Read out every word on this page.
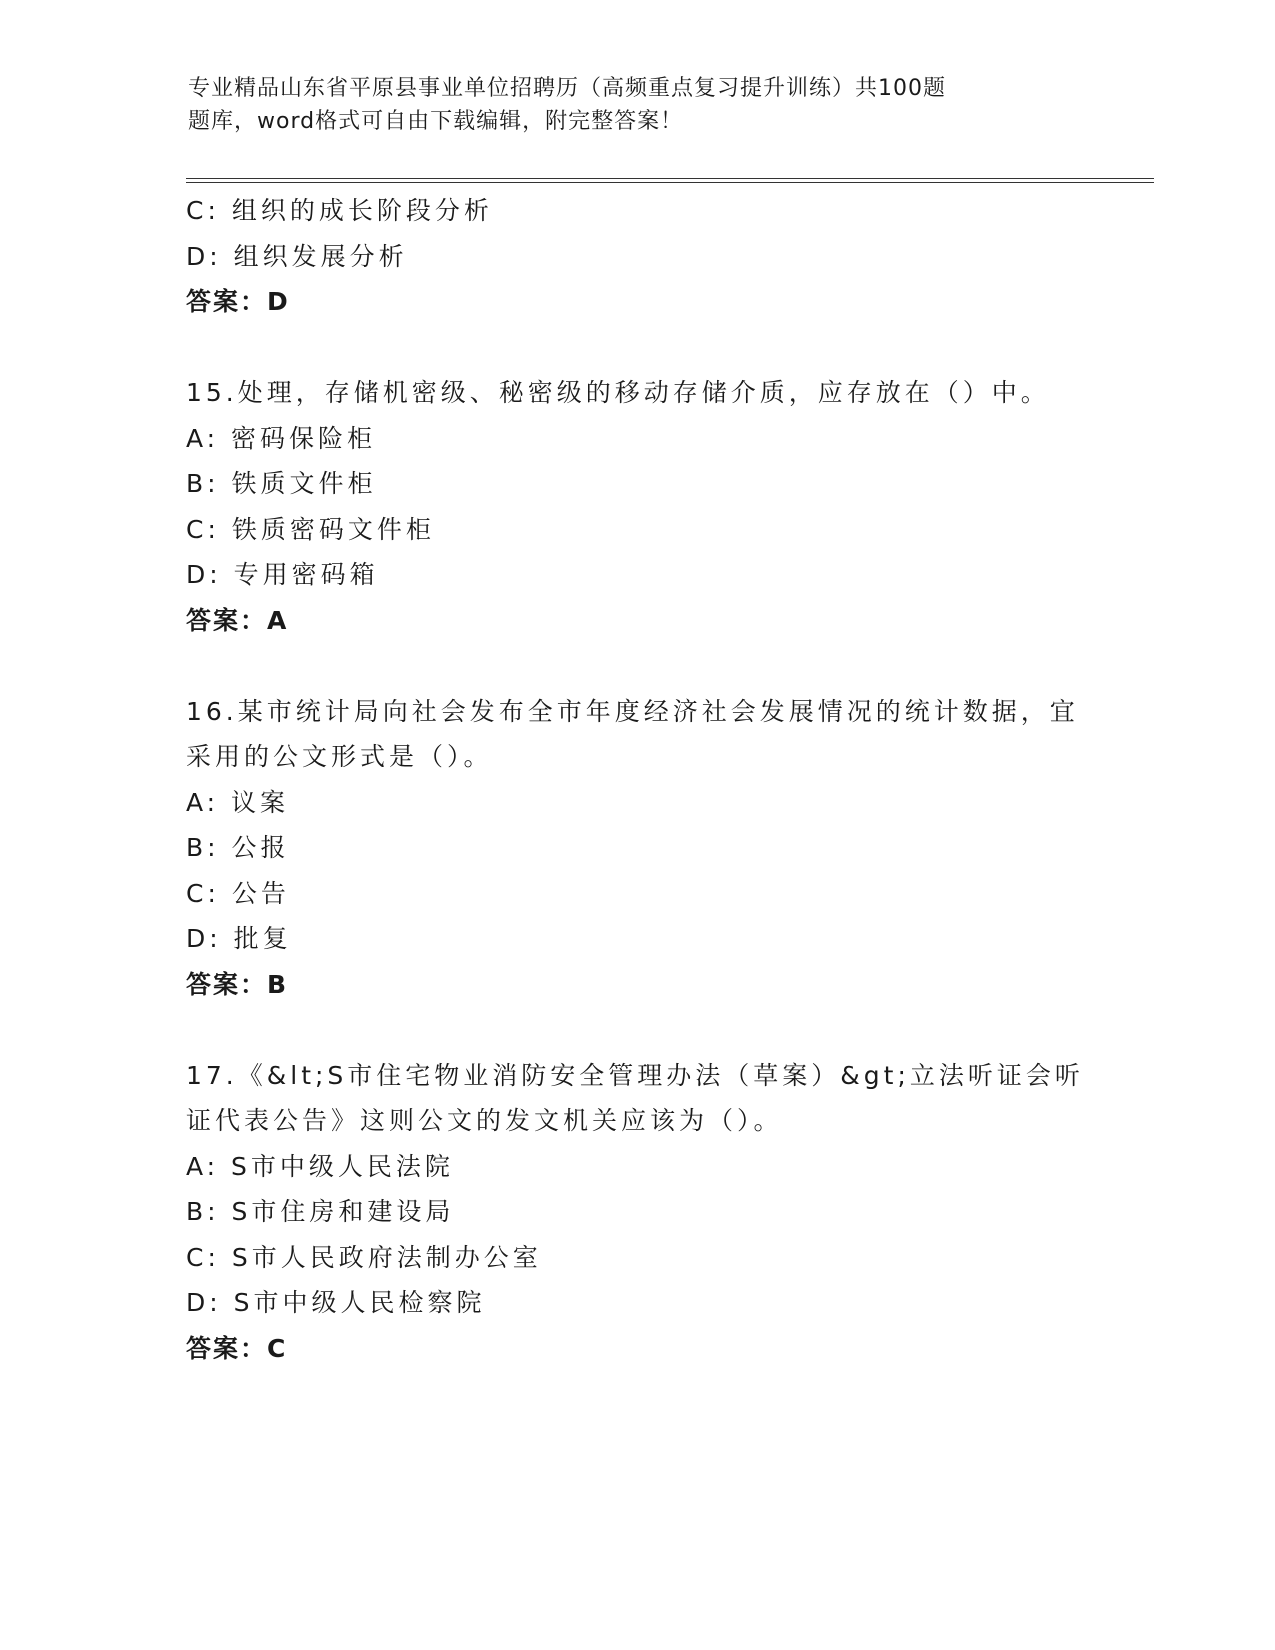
专业精品山东省平原县事业单位招聘历（高频重点复习提升训练）共100题
题库，word格式可自由下载编辑，附完整答案！
C: 组织的成长阶段分析
D: 组织发展分析
答案：D
15.处理，存储机密级、秘密级的移动存储介质，应存放在（）中。
A: 密码保险柜
B: 铁质文件柜
C: 铁质密码文件柜
D: 专用密码箱
答案：A
16.某市统计局向社会发布全市年度经济社会发展情况的统计数据，宜
采用的公文形式是（）。
A: 议案
B: 公报
C: 公告
D: 批复
答案：B
17.《&lt;S市住宅物业消防安全管理办法（草案）&gt;立法听证会听
证代表公告》这则公文的发文机关应该为（）。
A: S市中级人民法院
B: S市住房和建设局
C: S市人民政府法制办公室
D: S市中级人民检察院
答案：C
